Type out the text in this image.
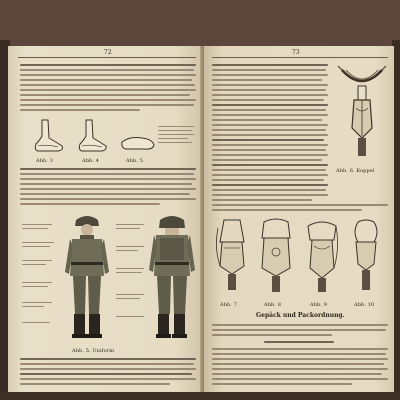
72
Abb. 3	Abb. 4	Abb. 5
Abb. 5. Uniform
73
Abb. 6. Koppel
Abb. 7	Abb. 8	Abb. 9	Abb. 10
Gepäck und Packordnung.
